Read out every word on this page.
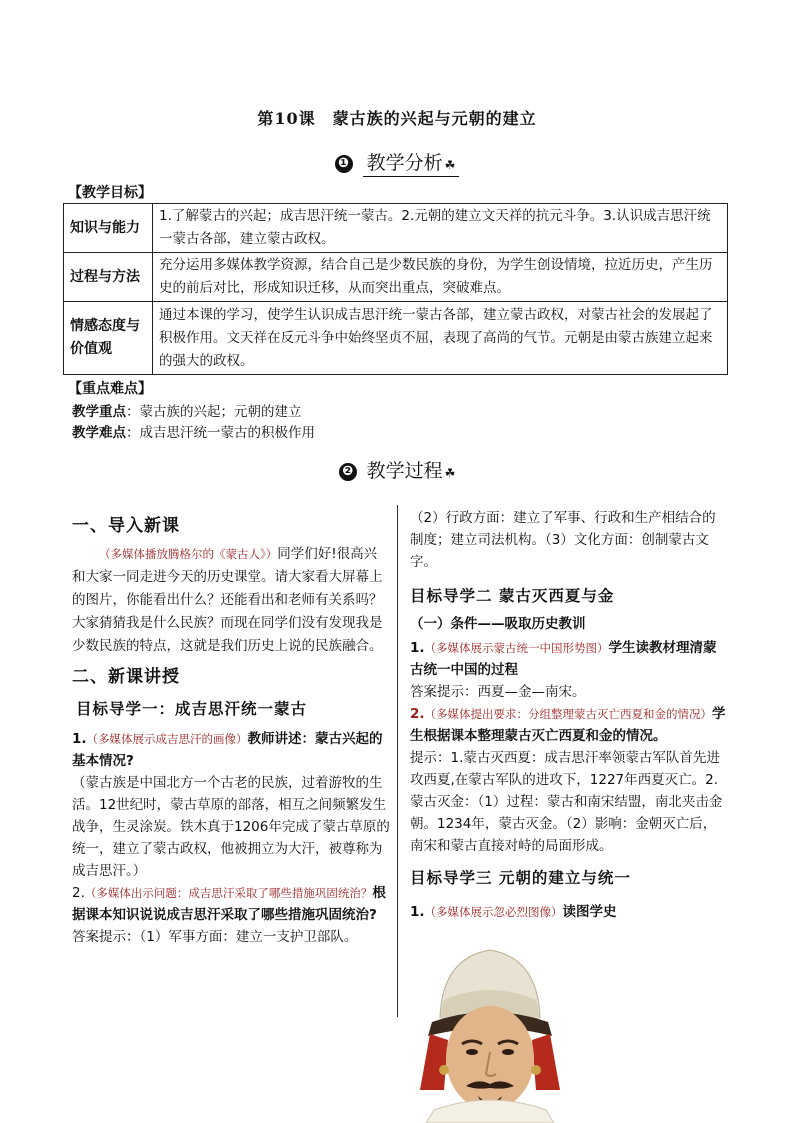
第10课　蒙古族的兴起与元朝的建立
❶ 教学分析 ☘
【教学目标】
知识与能力	1.了解蒙古的兴起；成吉思汗统一蒙古。2.元朝的建立文天祥的抗元斗争。3.认识成吉思汗统一蒙古各部，建立蒙古政权。
过程与方法	充分运用多媒体教学资源，结合自己是少数民族的身份，为学生创设情境，拉近历史，产生历史的前后对比，形成知识迁移，从而突出重点，突破难点。
情感态度与价值观	通过本课的学习，使学生认识成吉思汗统一蒙古各部，建立蒙古政权，对蒙古社会的发展起了积极作用。文天祥在反元斗争中始终坚贞不屈，表现了高尚的气节。元朝是由蒙古族建立起来的强大的政权。
【重点难点】
教学重点：蒙古族的兴起；元朝的建立
教学难点：成吉思汗统一蒙古的积极作用
❷ 教学过程 ☘

一、导入新课

（多媒体播放腾格尔的《蒙古人》）同学们好!很高兴和大家一同走进今天的历史课堂。请大家看大屏幕上的图片，你能看出什么？还能看出和老师有关系吗？大家猜猜我是什么民族？而现在同学们没有发现我是少数民族的特点，这就是我们历史上说的民族融合。

二、新课讲授

目标导学一：成吉思汗统一蒙古

1.（多媒体展示成吉思汗的画像）教师讲述：蒙古兴起的基本情况?

（蒙古族是中国北方一个古老的民族，过着游牧的生活。12世纪时，蒙古草原的部落，相互之间频繁发生战争，生灵涂炭。铁木真于1206年完成了蒙古草原的统一，建立了蒙古政权，他被拥立为大汗，被尊称为成吉思汗。）

2.（多媒体出示问题：成吉思汗采取了哪些措施巩固统治？根据课本知识说说成吉思汗采取了哪些措施巩固统治?

答案提示：（1）军事方面：建立一支护卫部队。

（2）行政方面：建立了军事、行政和生产相结合的制度；建立司法机构。（3）文化方面：创制蒙古文字。

目标导学二 蒙古灭西夏与金

（一）条件——吸取历史教训

1.（多媒体展示蒙古统一中国形势图）学生读教材理清蒙古统一中国的过程

答案提示：西夏—金—南宋。

2.（多媒体提出要求：分组整理蒙古灭亡西夏和金的情况）学生根据课本整理蒙古灭亡西夏和金的情况。

提示：1.蒙古灭西夏：成吉思汗率领蒙古军队首先进攻西夏,在蒙古军队的进攻下，1227年西夏灭亡。2.蒙古灭金：（1）过程：蒙古和南宋结盟，南北夹击金朝。1234年，蒙古灭金。（2）影响：金朝灭亡后，南宋和蒙古直接对峙的局面形成。

目标导学三 元朝的建立与统一

1.（多媒体展示忽必烈图像）读图学史
